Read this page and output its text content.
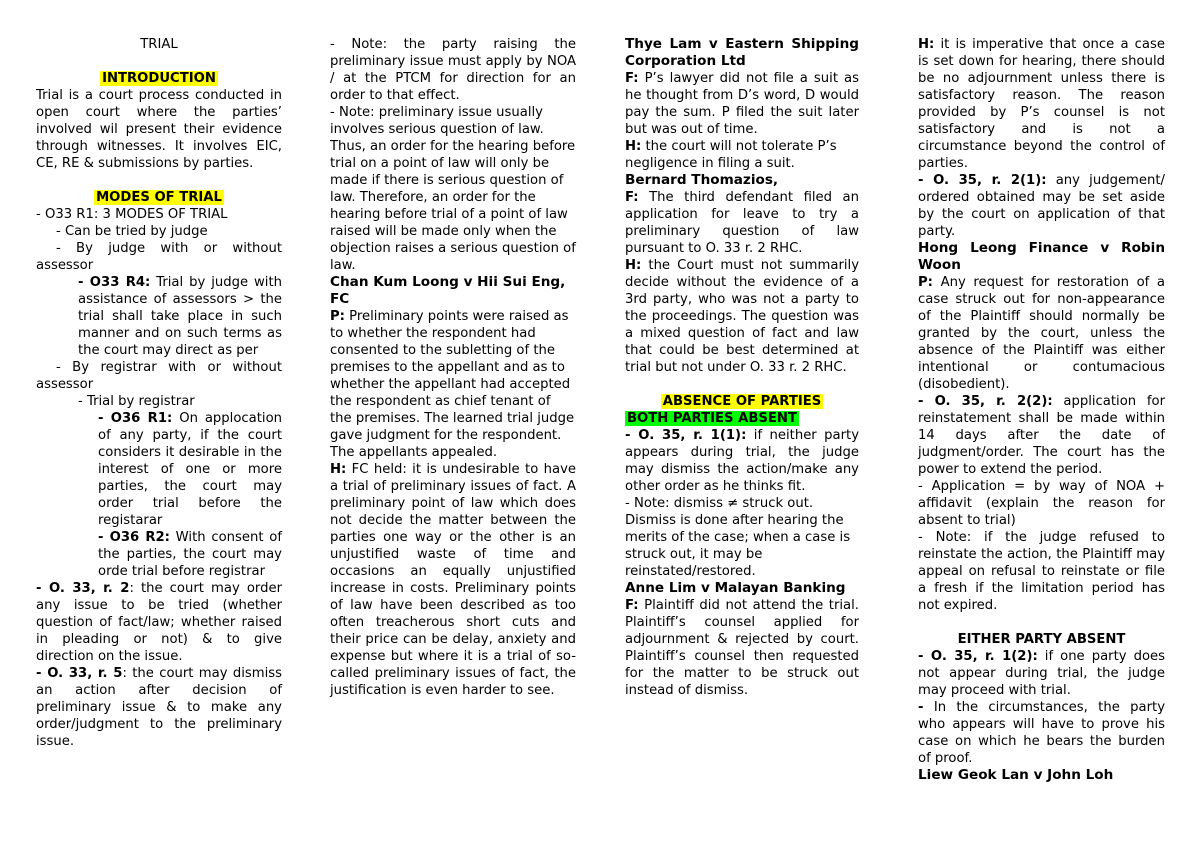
TRIAL

INTRODUCTION

Trial is a court process conducted in open court where the parties’ involved wil present their evidence through witnesses. It involves EIC, CE, RE & submissions by parties.

MODES OF TRIAL

- O33 R1: 3 MODES OF TRIAL

- Can be tried by judge

- By judge with or without assessor

- O33 R4: Trial by judge with assistance of assessors > the trial shall take place in such manner and on such terms as the court may direct as per

- By registrar with or without assessor

- Trial by registrar

- O36 R1: On applocation of any party, if the court considers it desirable in the interest of one or more parties, the court may order trial before the registarar

- O36 R2: With consent of the parties, the court may orde trial before registrar

- O. 33, r. 2: the court may order any issue to be tried (whether question of fact/law; whether raised in pleading or not) & to give direction on the issue.

- O. 33, r. 5: the court may dismiss an action after decision of preliminary issue & to make any order/judgment to the preliminary issue.

- Note: the party raising the preliminary issue must apply by NOA / at the PTCM for direction for an order to that effect.

- Note: preliminary issue usually involves serious question of law. Thus, an order for the hearing before trial on a point of law will only be made if there is serious question of law. Therefore, an order for the hearing before trial of a point of law raised will be made only when the objection raises a serious question of law.

Chan Kum Loong v Hii Sui Eng, FC

P: Preliminary points were raised as to whether the respondent had consented to the subletting of the premises to the appellant and as to whether the appellant had accepted the respondent as chief tenant of the premises. The learned trial judge gave judgment for the respondent. The appellants appealed.

H: FC held: it is undesirable to have a trial of preliminary issues of fact. A preliminary point of law which does not decide the matter between the parties one way or the other is an unjustified waste of time and occasions an equally unjustified increase in costs. Preliminary points of law have been described as too often treacherous short cuts and their price can be delay, anxiety and expense but where it is a trial of so-called preliminary issues of fact, the justification is even harder to see.

Thye Lam v Eastern Shipping Corporation Ltd

F: P’s lawyer did not file a suit as he thought from D’s word, D would pay the sum. P filed the suit later but was out of time.

H: the court will not tolerate P’s negligence in filing a suit.

Bernard Thomazios,

F: The third defendant filed an application for leave to try a preliminary question of law pursuant to O. 33 r. 2 RHC.

H: the Court must not summarily decide without the evidence of a 3rd party, who was not a party to the proceedings. The question was a mixed question of fact and law that could be best determined at trial but not under O. 33 r. 2 RHC.

ABSENCE OF PARTIES

BOTH PARTIES ABSENT

- O. 35, r. 1(1): if neither party appears during trial, the judge may dismiss the action/make any other order as he thinks fit.

- Note: dismiss ≠ struck out. Dismiss is done after hearing the merits of the case; when a case is struck out, it may be reinstated/restored.

Anne Lim v Malayan Banking

F: Plaintiff did not attend the trial. Plaintiff’s counsel applied for adjournment & rejected by court. Plaintiff’s counsel then requested for the matter to be struck out instead of dismiss.

H: it is imperative that once a case is set down for hearing, there should be no adjournment unless there is satisfactory reason. The reason provided by P’s counsel is not satisfactory and is not a circumstance beyond the control of parties.

- O. 35, r. 2(1): any judgement/ ordered obtained may be set aside by the court on application of that party.

Hong Leong Finance v Robin Woon

P: Any request for restoration of a case struck out for non-appearance of the Plaintiff should normally be granted by the court, unless the absence of the Plaintiff was either intentional or contumacious (disobedient).

- O. 35, r. 2(2): application for reinstatement shall be made within 14 days after the date of judgment/order. The court has the power to extend the period.

- Application = by way of NOA + affidavit (explain the reason for absent to trial)

- Note: if the judge refused to reinstate the action, the Plaintiff may appeal on refusal to reinstate or file a fresh if the limitation period has not expired.

EITHER PARTY ABSENT

- O. 35, r. 1(2): if one party does not appear during trial, the judge may proceed with trial.

- In the circumstances, the party who appears will have to prove his case on which he bears the burden of proof.

Liew Geok Lan v John Loh
